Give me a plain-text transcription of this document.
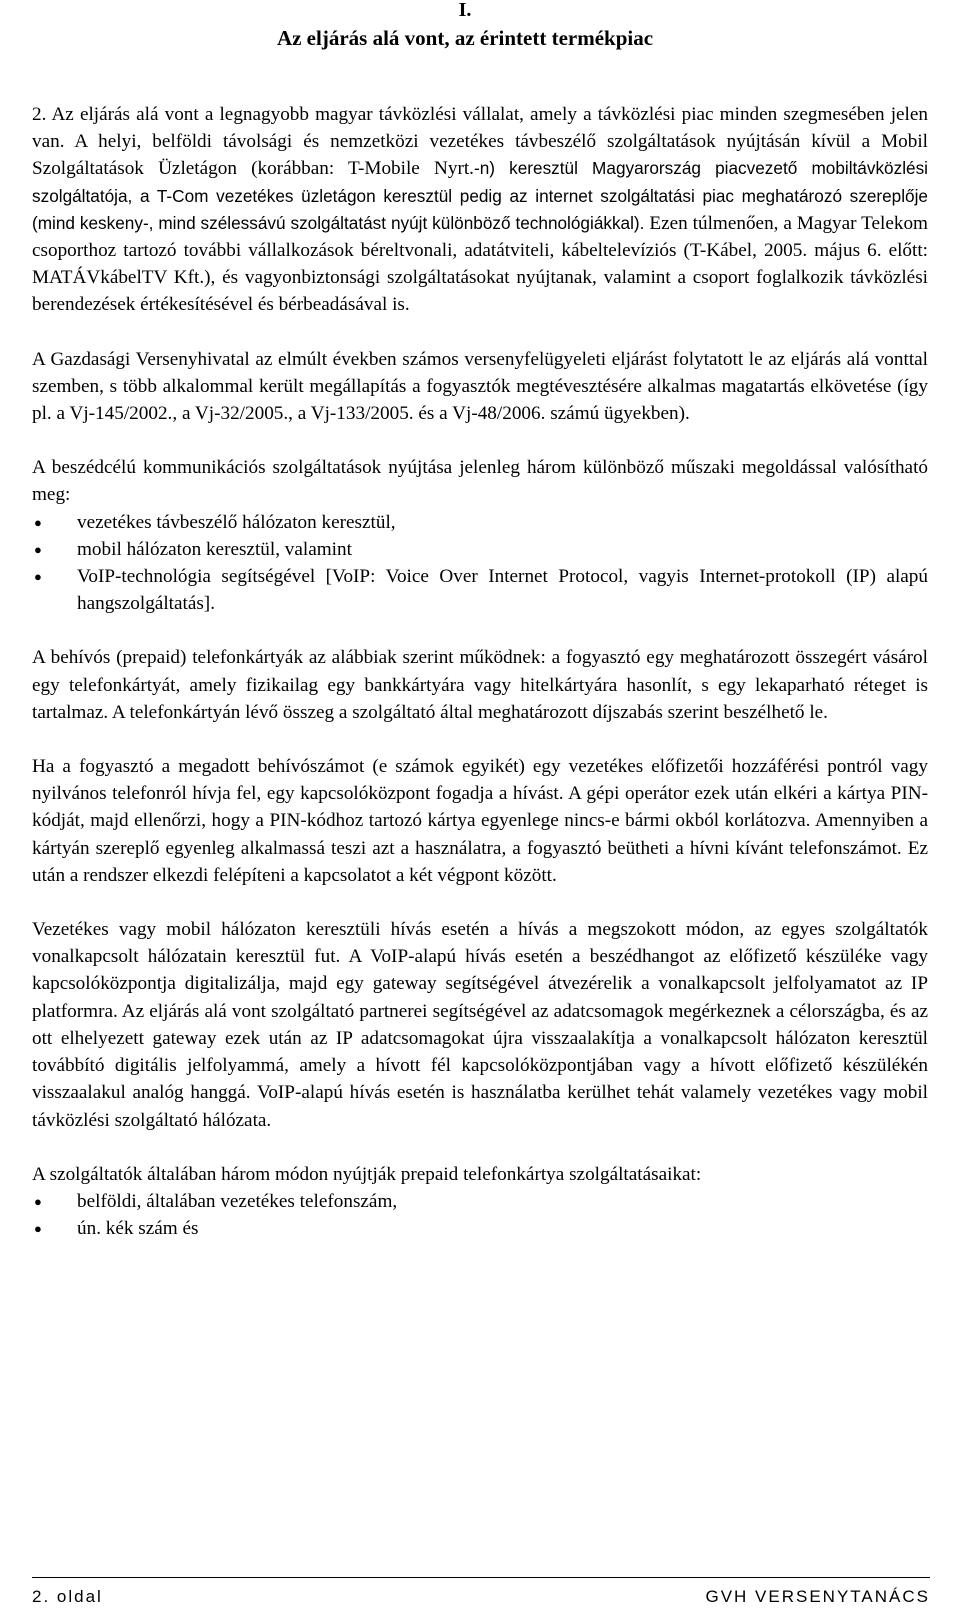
I.
Az eljárás alá vont, az érintett termékpiac

2. Az eljárás alá vont a legnagyobb magyar távközlési vállalat, amely a távközlési piac minden szegmesében jelen van. A helyi, belföldi távolsági és nemzetközi vezetékes távbeszélő szolgáltatások nyújtásán kívül a Mobil Szolgáltatások Üzletágon (korábban: T-Mobile Nyrt.-n) keresztül Magyarország piacvezető mobiltávközlési szolgáltatója, a T-Com vezetékes üzletágon keresztül pedig az internet szolgáltatási piac meghatározó szereplője (mind keskeny-, mind szélessávú szolgáltatást nyújt különböző technológiákkal). Ezen túlmenően, a Magyar Telekom csoporthoz tartozó további vállalkozások béreltvonali, adatátviteli, kábeltelevíziós (T-Kábel, 2005. május 6. előtt: MATÁVkábelTV Kft.), és vagyonbiztonsági szolgáltatásokat nyújtanak, valamint a csoport foglalkozik távközlési berendezések értékesítésével és bérbeadásával is.

A Gazdasági Versenyhivatal az elmúlt években számos versenyfelügyeleti eljárást folytatott le az eljárás alá vonttal szemben, s több alkalommal került megállapítás a fogyasztók megtévesztésére alkalmas magatartás elkövetése (így pl. a Vj-145/2002., a Vj-32/2005., a Vj-133/2005. és a Vj-48/2006. számú ügyekben).

A beszédcélú kommunikációs szolgáltatások nyújtása jelenleg három különböző műszaki megoldással valósítható meg:

● vezetékes távbeszélő hálózaton keresztül,
● mobil hálózaton keresztül, valamint
● VoIP-technológia segítségével [VoIP: Voice Over Internet Protocol, vagyis Internet-protokoll (IP) alapú hangszolgáltatás].

A behívós (prepaid) telefonkártyák az alábbiak szerint működnek: a fogyasztó egy meghatározott összegért vásárol egy telefonkártyát, amely fizikailag egy bankkártyára vagy hitelkártyára hasonlít, s egy lekaparható réteget is tartalmaz. A telefonkártyán lévő összeg a szolgáltató által meghatározott díjszabás szerint beszélhető le.

Ha a fogyasztó a megadott behívószámot (e számok egyikét) egy vezetékes előfizetői hozzáférési pontról vagy nyilvános telefonról hívja fel, egy kapcsolóközpont fogadja a hívást. A gépi operátor ezek után elkéri a kártya PIN-kódját, majd ellenőrzi, hogy a PIN-kódhoz tartozó kártya egyenlege nincs-e bármi okból korlátozva. Amennyiben a kártyán szereplő egyenleg alkalmassá teszi azt a használatra, a fogyasztó beütheti a hívni kívánt telefonszámot. Ez után a rendszer elkezdi felépíteni a kapcsolatot a két végpont között.

Vezetékes vagy mobil hálózaton keresztüli hívás esetén a hívás a megszokott módon, az egyes szolgáltatók vonalkapcsolt hálózatain keresztül fut. A VoIP-alapú hívás esetén a beszédhangot az előfizető készüléke vagy kapcsolóközpontja digitalizálja, majd egy gateway segítségével átvezérelik a vonalkapcsolt jelfolyamatot az IP platformra. Az eljárás alá vont szolgáltató partnerei segítségével az adatcsomagok megérkeznek a célországba, és az ott elhelyezett gateway ezek után az IP adatcsomagokat újra visszaalakítja a vonalkapcsolt hálózaton keresztül továbbító digitális jelfolyammá, amely a hívott fél kapcsolóközpontjában vagy a hívott előfizető készülékén visszaalakul analóg hanggá. VoIP-alapú hívás esetén is használatba kerülhet tehát valamely vezetékes vagy mobil távközlési szolgáltató hálózata.

A szolgáltatók általában három módon nyújtják prepaid telefonkártya szolgáltatásaikat:

● belföldi, általában vezetékes telefonszám,
● ún. kék szám és
2. oldal	GVH VERSENYTANÁCS
